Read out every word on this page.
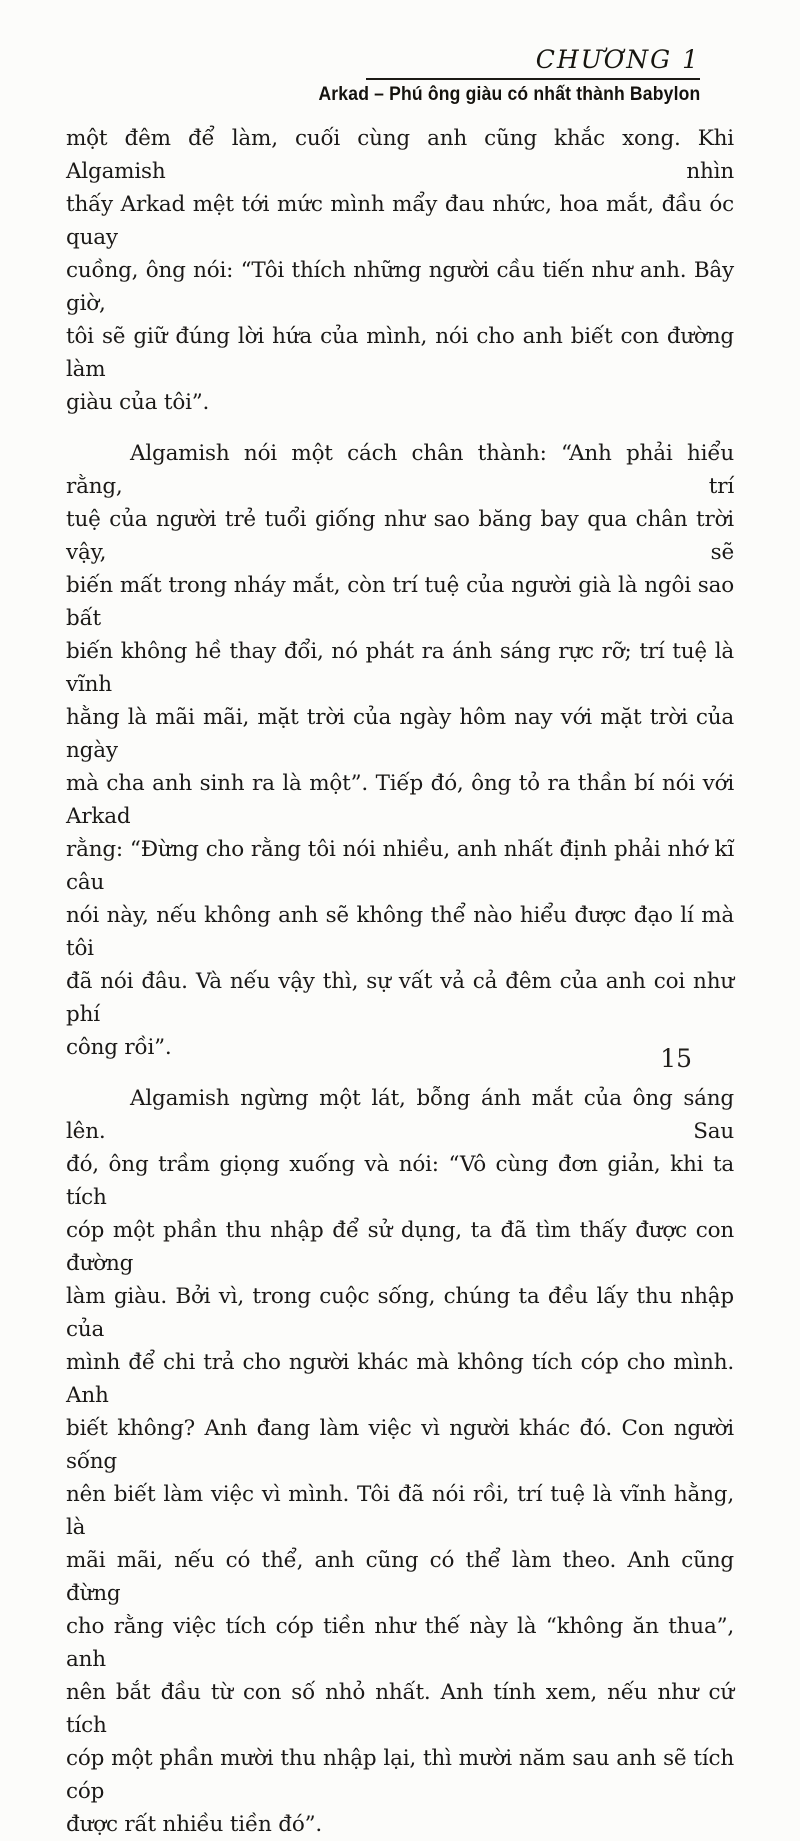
CHƯƠNG 1
Arkad – Phú ông giàu có nhất thành Babylon
một đêm để làm, cuối cùng anh cũng khắc xong. Khi Algamish nhìn
thấy Arkad mệt tới mức mình mẩy đau nhức, hoa mắt, đầu óc quay
cuồng, ông nói: “Tôi thích những người cầu tiến như anh. Bây giờ,
tôi sẽ giữ đúng lời hứa của mình, nói cho anh biết con đường làm
giàu của tôi”.
Algamish nói một cách chân thành: “Anh phải hiểu rằng, trí
tuệ của người trẻ tuổi giống như sao băng bay qua chân trời vậy, sẽ
biến mất trong nháy mắt, còn trí tuệ của người già là ngôi sao bất
biến không hề thay đổi, nó phát ra ánh sáng rực rỡ; trí tuệ là vĩnh
hằng là mãi mãi, mặt trời của ngày hôm nay với mặt trời của ngày
mà cha anh sinh ra là một”. Tiếp đó, ông tỏ ra thần bí nói với Arkad
rằng: “Đừng cho rằng tôi nói nhiều, anh nhất định phải nhớ kĩ câu
nói này, nếu không anh sẽ không thể nào hiểu được đạo lí mà tôi
đã nói đâu. Và nếu vậy thì, sự vất vả cả đêm của anh coi như phí
công rồi”.
Algamish ngừng một lát, bỗng ánh mắt của ông sáng lên. Sau
đó, ông trầm giọng xuống và nói: “Vô cùng đơn giản, khi ta tích
cóp một phần thu nhập để sử dụng, ta đã tìm thấy được con đường
làm giàu. Bởi vì, trong cuộc sống, chúng ta đều lấy thu nhập của
mình để chi trả cho người khác mà không tích cóp cho mình. Anh
biết không? Anh đang làm việc vì người khác đó. Con người sống
nên biết làm việc vì mình. Tôi đã nói rồi, trí tuệ là vĩnh hằng, là
mãi mãi, nếu có thể, anh cũng có thể làm theo. Anh cũng đừng
cho rằng việc tích cóp tiền như thế này là “không ăn thua”, anh
nên bắt đầu từ con số nhỏ nhất. Anh tính xem, nếu như cứ tích
cóp một phần mười thu nhập lại, thì mười năm sau anh sẽ tích cóp
được rất nhiều tiền đó”.
15
